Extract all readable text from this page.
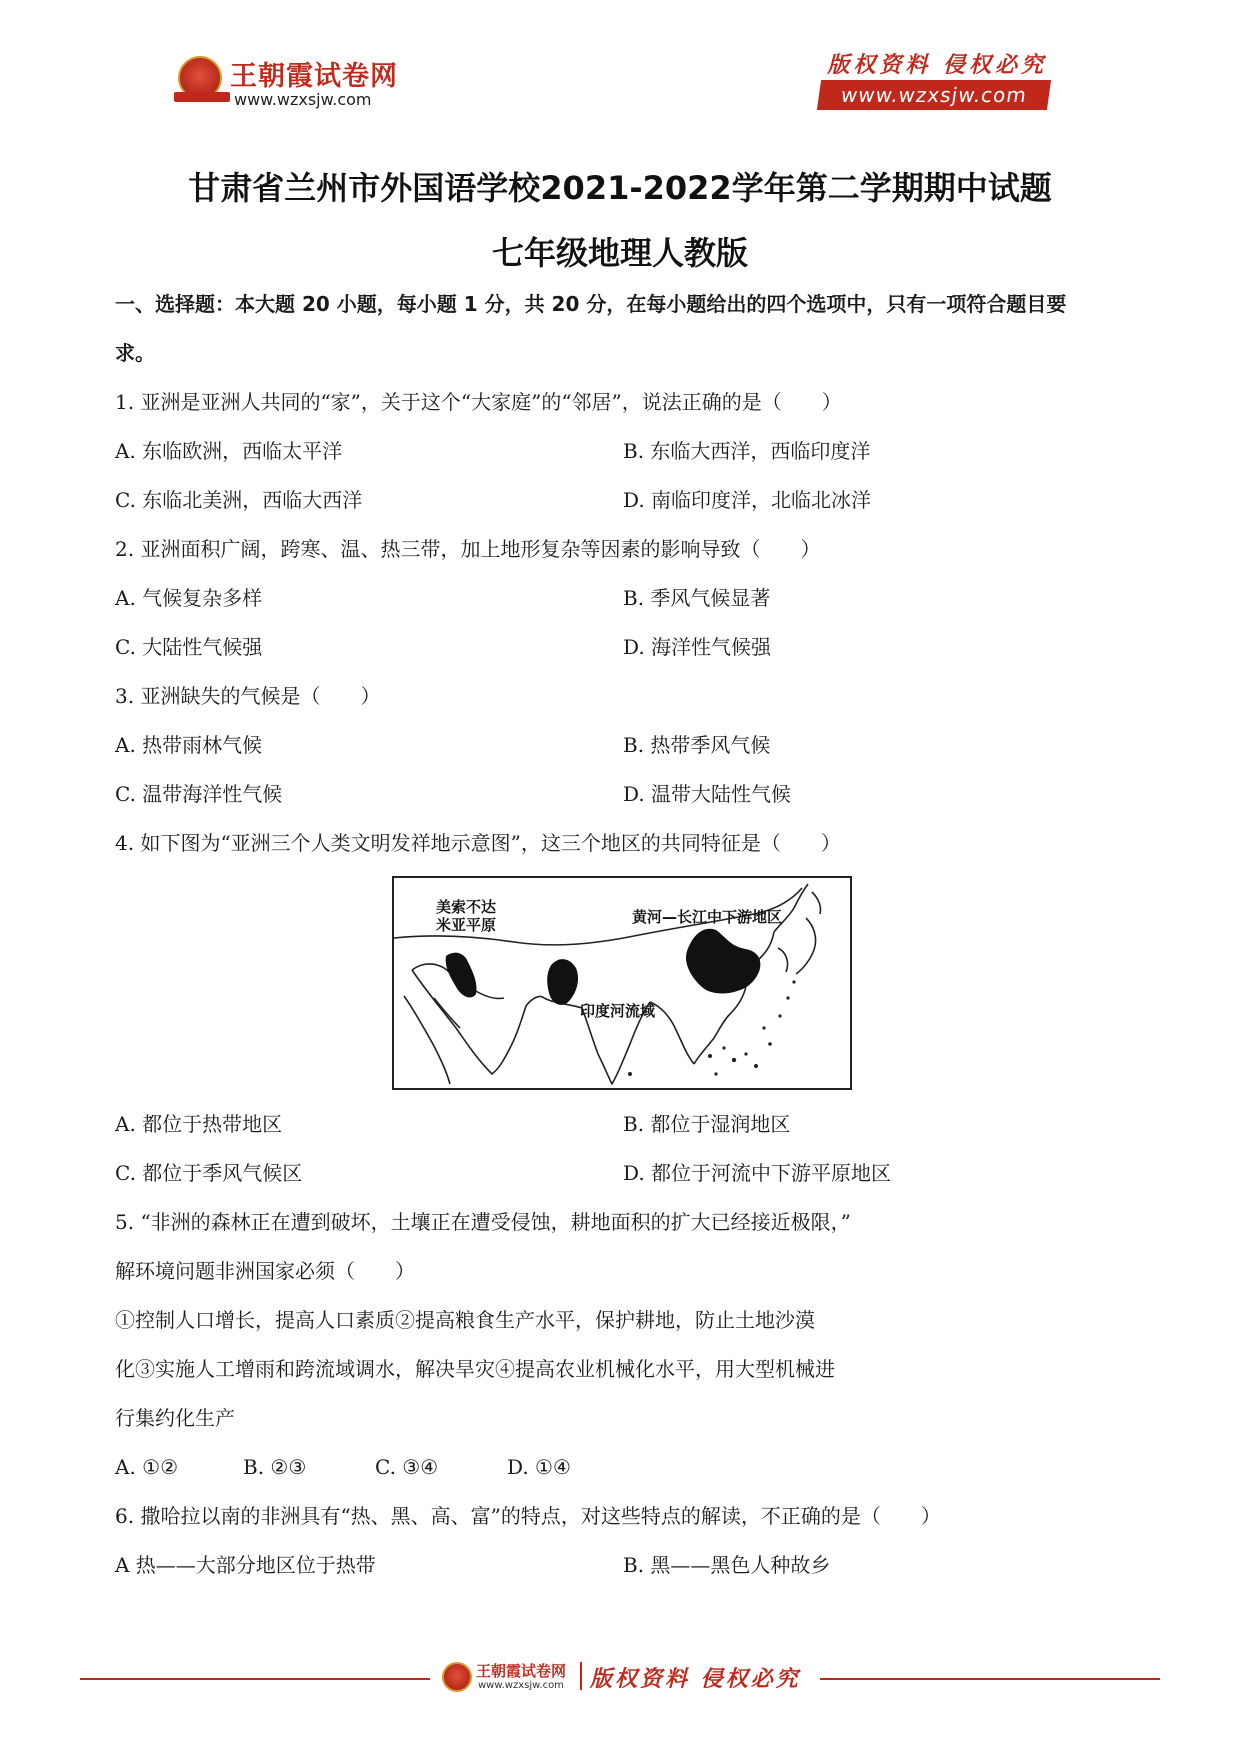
王朝霞试卷网
www.wzxsjw.com
版权资料 侵权必究
www.wzxsjw.com
甘肃省兰州市外国语学校2021-2022学年第二学期期中试题
七年级地理人教版
一、选择题：本大题 20 小题，每小题 1 分，共 20 分，在每小题给出的四个选项中，只有一项符合题目要
求。
1. 亚洲是亚洲人共同的“家”，关于这个“大家庭”的“邻居”，说法正确的是（　　）
A. 东临欧洲，西临太平洋	B. 东临大西洋，西临印度洋
C. 东临北美洲，西临大西洋	D. 南临印度洋，北临北冰洋
2. 亚洲面积广阔，跨寒、温、热三带，加上地形复杂等因素的影响导致（　　）
A. 气候复杂多样	B. 季风气候显著
C. 大陆性气候强	D. 海洋性气候强
3. 亚洲缺失的气候是（　　）
A. 热带雨林气候	B. 热带季风气候
C. 温带海洋性气候	D. 温带大陆性气候
4. 如下图为“亚洲三个人类文明发祥地示意图”，这三个地区的共同特征是（　　）
美索不达
米亚平原	黄河—长江中下游地区
印度河流域
A. 都位于热带地区	B. 都位于湿润地区
C. 都位于季风气候区	D. 都位于河流中下游平原地区
5. “非洲的森林正在遭到破坏，土壤正在遭受侵蚀，耕地面积的扩大已经接近极限，”
解环境问题非洲国家必须（　　）
①控制人口增长，提高人口素质②提高粮食生产水平，保护耕地，防止土地沙漠
化③实施人工增雨和跨流域调水，解决旱灾④提高农业机械化水平，用大型机械进
行集约化生产
A. ①②	B. ②③	C. ③④	D. ①④
6. 撒哈拉以南的非洲具有“热、黑、高、富”的特点，对这些特点的解读，不正确的是（　　）
A 热——大部分地区位于热带	B. 黑——黑色人种故乡
王朝霞试卷网
www.wzxsjw.com 版权资料 侵权必究
